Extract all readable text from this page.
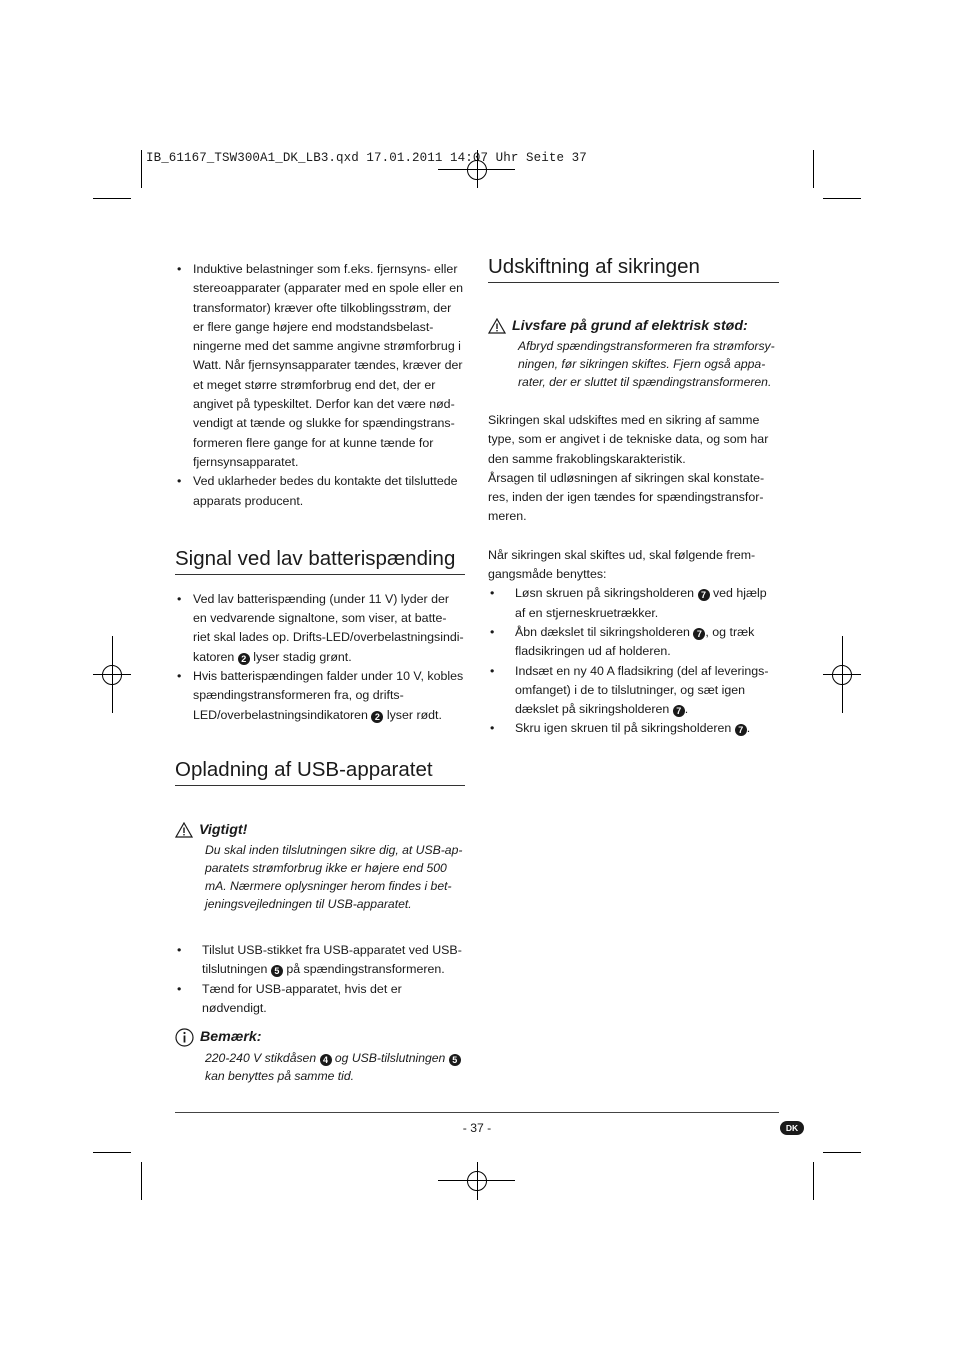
IB_61167_TSW300A1_DK_LB3.qxd 17.01.2011 14:07 Uhr Seite 37
• Induktive belastninger som f.eks. fjernsyns- eller stereoapparater (apparater med en spole eller en transformator) kræver ofte tilkoblingsstrøm, der er flere gange højere end modstandsbelast- ningerne med det samme angivne strømforbrug i Watt. Når fjernsynsapparater tændes, kræver der et meget større strømforbrug end det, der er angivet på typeskiltet. Derfor kan det være nød- vendigt at tænde og slukke for spændingstrans- formeren flere gange for at kunne tænde for fjernsynsapparatet.
• Ved uklarheder bedes du kontakte det tilsluttede apparats producent.
Signal ved lav batterispænding
• Ved lav batterispænding (under 11 V) lyder der en vedvarende signaltone, som viser, at batte- riet skal lades op. Drifts-LED/overbelastningsindi- katoren 2 lyser stadig grønt.
• Hvis batterispændingen falder under 10 V, kobles spændingstransformeren fra, og drifts- LED/overbelastningsindikatoren 2 lyser rødt.
Opladning af USB-apparatet
Vigtigt!
Du skal inden tilslutningen sikre dig, at USB-ap- paratets strømforbrug ikke er højere end 500 mA. Nærmere oplysninger herom findes i bet- jeningsvejledningen til USB-apparatet.
• Tilslut USB-stikket fra USB-apparatet ved USB- tilslutningen 5 på spændingstransformeren.
• Tænd for USB-apparatet, hvis det er nødvendigt.
Bemærk:
220-240 V stikdåsen 4 og USB-tilslutningen 5 kan benyttes på samme tid.
Udskiftning af sikringen
Livsfare på grund af elektrisk stød:
Afbryd spændingstransformeren fra strømforsy- ningen, før sikringen skiftes. Fjern også appa- rater, der er sluttet til spændingstransformeren.

Sikringen skal udskiftes med en sikring af samme type, som er angivet i de tekniske data, og som har den samme frakoblingskarakteristik.

Årsagen til udløsningen af sikringen skal konstate- res, inden der igen tændes for spændingstransfor- meren.

Når sikringen skal skiftes ud, skal følgende frem- gangsmåde benyttes:

• Løsn skruen på sikringsholderen 7 ved hjælp af en stjerneskruetrækker.
• Åbn dækslet til sikringsholderen 7 , og træk fladsikringen ud af holderen.
• Indsæt en ny 40 A fladsikring (del af leverings- omfanget) i de to tilslutninger, og sæt igen dækslet på sikringsholderen 7 .
• Skru igen skruen til på sikringsholderen 7 .
- 37 -	DK
